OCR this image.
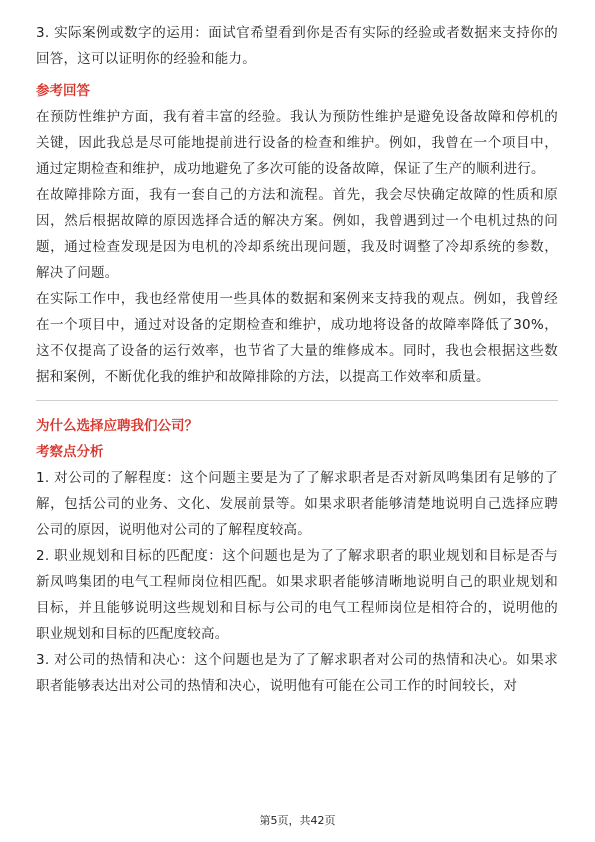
3. 实际案例或数字的运用：面试官希望看到你是否有实际的经验或者数据来支持你的回答，这可以证明你的经验和能力。

参考回答

在预防性维护方面，我有着丰富的经验。我认为预防性维护是避免设备故障和停机的关键，因此我总是尽可能地提前进行设备的检查和维护。例如，我曾在一个项目中，通过定期检查和维护，成功地避免了多次可能的设备故障，保证了生产的顺利进行。

在故障排除方面，我有一套自己的方法和流程。首先，我会尽快确定故障的性质和原因，然后根据故障的原因选择合适的解决方案。例如，我曾遇到过一个电机过热的问题，通过检查发现是因为电机的冷却系统出现问题，我及时调整了冷却系统的参数，解决了问题。

在实际工作中，我也经常使用一些具体的数据和案例来支持我的观点。例如，我曾经在一个项目中，通过对设备的定期检查和维护，成功地将设备的故障率降低了30%，这不仅提高了设备的运行效率，也节省了大量的维修成本。同时，我也会根据这些数据和案例，不断优化我的维护和故障排除的方法，以提高工作效率和质量。

为什么选择应聘我们公司？
考察点分析

1. 对公司的了解程度：这个问题主要是为了了解求职者是否对新凤鸣集团有足够的了解，包括公司的业务、文化、发展前景等。如果求职者能够清楚地说明自己选择应聘公司的原因，说明他对公司的了解程度较高。

2. 职业规划和目标的匹配度：这个问题也是为了了解求职者的职业规划和目标是否与新凤鸣集团的电气工程师岗位相匹配。如果求职者能够清晰地说明自己的职业规划和目标，并且能够说明这些规划和目标与公司的电气工程师岗位是相符合的，说明他的职业规划和目标的匹配度较高。

3. 对公司的热情和决心：这个问题也是为了了解求职者对公司的热情和决心。如果求职者能够表达出对公司的热情和决心，说明他有可能在公司工作的时间较长，对

第5页，共42页
